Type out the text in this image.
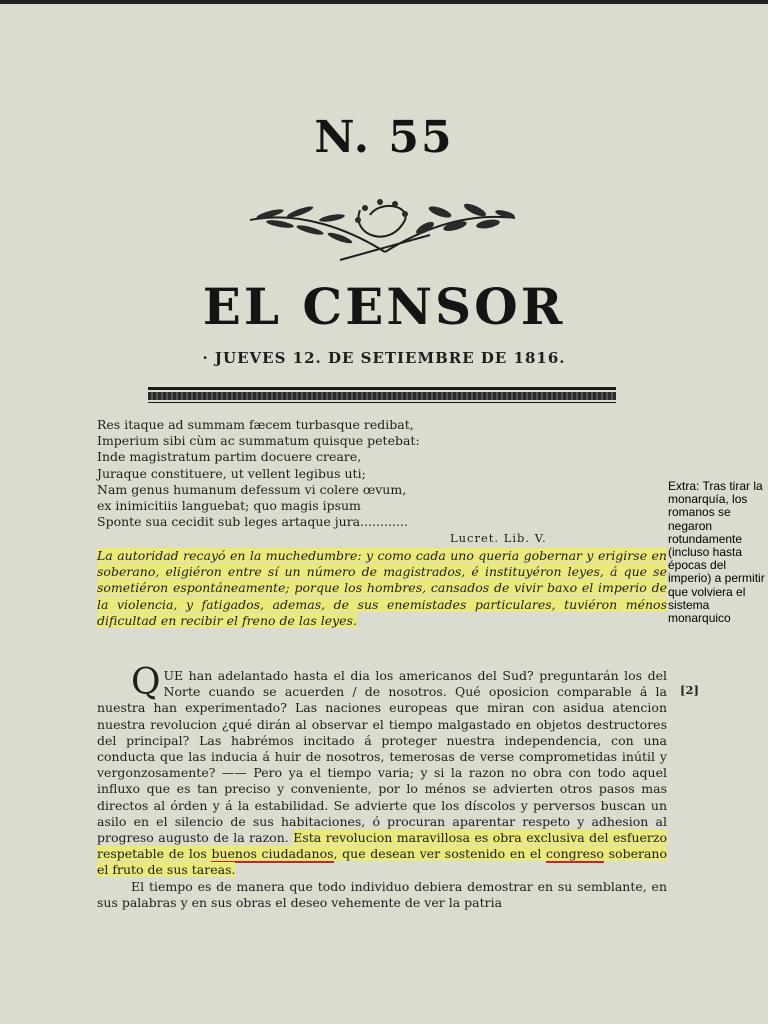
N. 55
EL CENSOR
· JUEVES 12. DE SETIEMBRE DE 1816.
Res itaque ad summam fæcem turbasque redibat,
Imperium sibi cùm ac summatum quisque petebat:
Inde magistratum partim docuere creare,
Juraque constituere, ut vellent legibus uti;
Nam genus humanum defessum vi colere œvum,
ex inimicitiis languebat; quo magis ipsum
Sponte sua cecidit sub leges artaque jura............
Lucret. Lib. V.
La autoridad recayó en la muchedumbre: y como cada uno queria gobernar y erigirse en soberano, eligiéron entre sí un número de magistrados, é instituyéron leyes, á que se sometiéron espontáneamente; porque los hombres, cansados de vivir baxo el imperio de la violencia, y fatigados, ademas, de sus enemistades particulares, tuviéron ménos dificultad en recibir el freno de las leyes.

QUE han adelantado hasta el dia los americanos del Sud? preguntarán los del Norte cuando se acuerden / de nosotros. Qué oposicion comparable á la nuestra han experimentado? Las naciones europeas que miran con asidua atencion nuestra revolucion ¿qué dirán al observar el tiempo malgastado en objetos destructores del principal? Las habrémos incitado á proteger nuestra independencia, con una conducta que las inducia á huir de nosotros, temerosas de verse comprometidas inútil y vergonzosamente? —— Pero ya el tiempo varia; y si la razon no obra con todo aquel influxo que es tan preciso y conveniente, por lo ménos se advierten otros pasos mas directos al órden y á la estabilidad. Se advierte que los díscolos y perversos buscan un asilo en el silencio de sus habitaciones, ó procuran aparentar respeto y adhesion al progreso augusto de la razon. Esta revolucion maravillosa es obra exclusiva del esfuerzo respetable de los buenos ciudadanos, que desean ver sostenido en el congreso soberano el fruto de sus tareas.

El tiempo es de manera que todo individuo debiera demostrar en su semblante, en sus palabras y en sus obras el deseo vehemente de ver la patria

[2]
Extra: Tras tirar la monarquía, los romanos se negaron rotundamente (incluso hasta épocas del imperio) a permitir que volviera el sistema monarquico
